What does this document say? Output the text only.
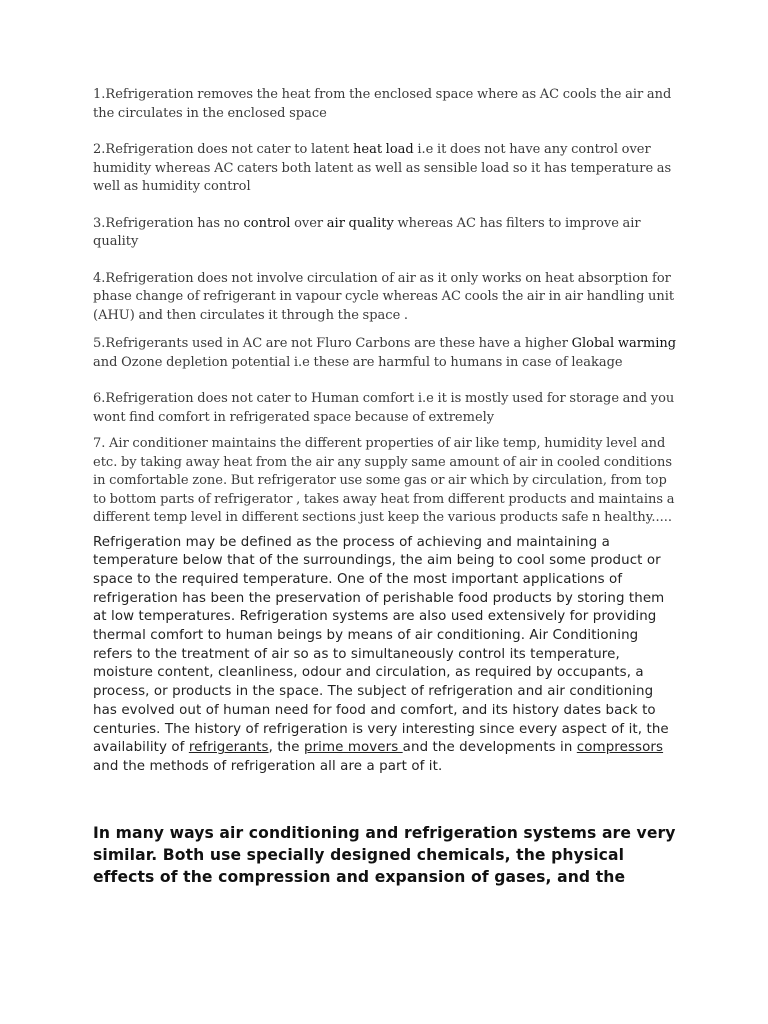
1.Refrigeration removes the heat from the enclosed space where as AC cools the air and the circulates in the enclosed space

2.Refrigeration does not cater to latent heat load i.e it does not have any control over humidity whereas AC caters both latent as well as sensible load so it has temperature as well as humidity control

3.Refrigeration has no control over air quality whereas AC has filters to improve air quality

4.Refrigeration does not involve circulation of air as it only works on heat absorption for phase change of refrigerant in vapour cycle whereas AC cools the air in air handling unit (AHU) and then circulates it through the space .

5.Refrigerants used in AC are not Fluro Carbons are these have a higher Global warming and Ozone depletion potential i.e these are harmful to humans in case of leakage

6.Refrigeration does not cater to Human comfort i.e it is mostly used for storage and you wont find comfort in refrigerated space because of extremely

7. Air conditioner maintains the different properties of air like temp, humidity level and etc. by taking away heat from the air any supply same amount of air in cooled conditions in comfortable zone. But refrigerator use some gas or air which by circulation, from top to bottom parts of refrigerator , takes away heat from different products and maintains a different temp level in different sections just keep the various products safe n healthy.....

Refrigeration may be defined as the process of achieving and maintaining a temperature below that of the surroundings, the aim being to cool some product or space to the required temperature. One of the most important applications of refrigeration has been the preservation of perishable food products by storing them at low temperatures. Refrigeration systems are also used extensively for providing thermal comfort to human beings by means of air conditioning. Air Conditioning refers to the treatment of air so as to simultaneously control its temperature, moisture content, cleanliness, odour and circulation, as required by occupants, a process, or products in the space. The subject of refrigeration and air conditioning has evolved out of human need for food and comfort, and its history dates back to centuries. The history of refrigeration is very interesting since every aspect of it, the availability of refrigerants, the prime movers and the developments in compressors and the methods of refrigeration all are a part of it.

In many ways air conditioning and refrigeration systems are very similar. Both use specially designed chemicals, the physical effects of the compression and expansion of gases, and the
